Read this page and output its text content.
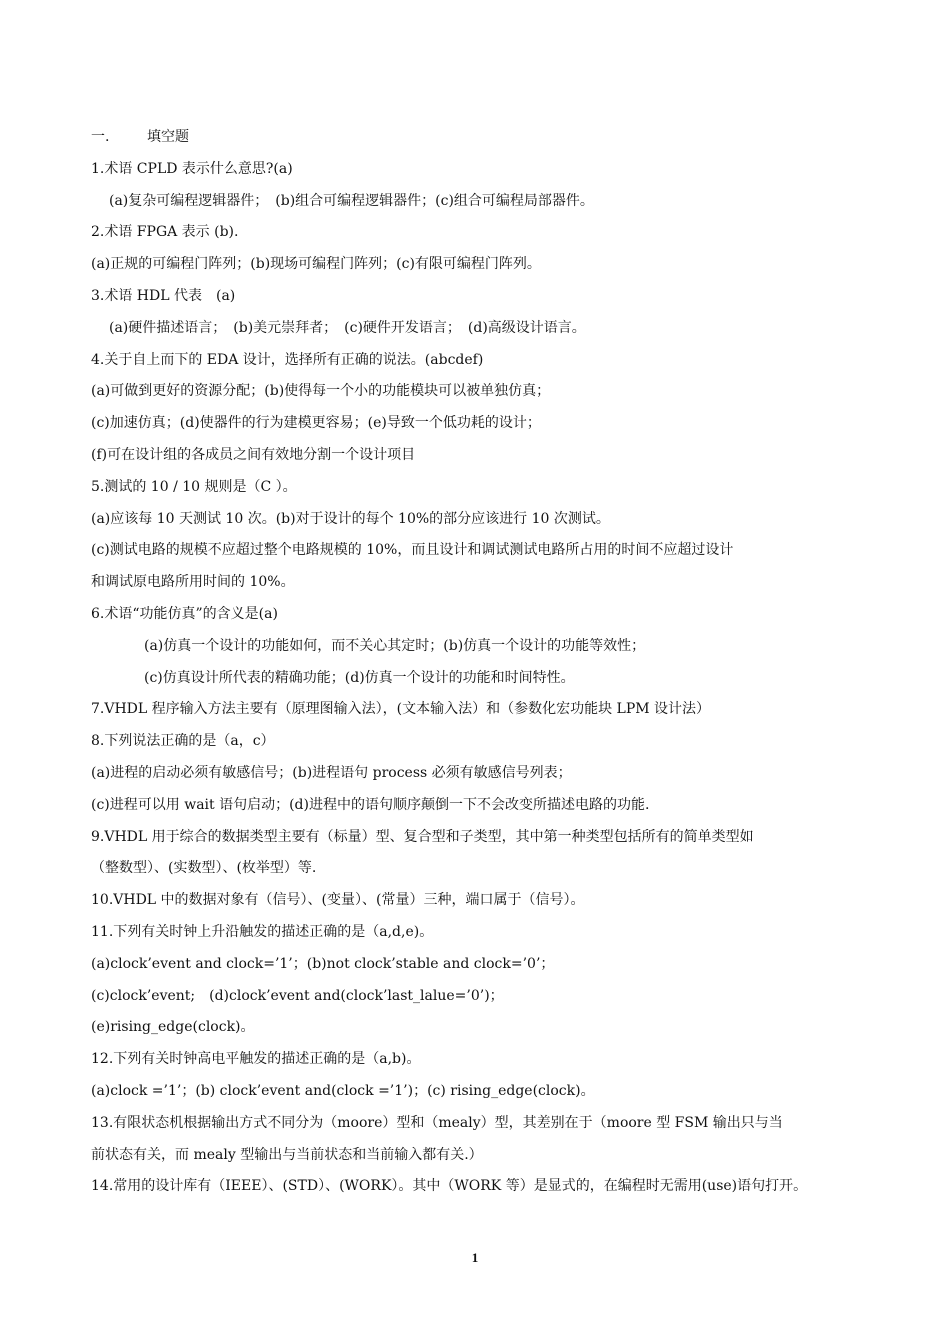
一.	填空题
1.术语 CPLD 表示什么意思?(a)
(a)复杂可编程逻辑器件；　(b)组合可编程逻辑器件；(c)组合可编程局部器件。
2.术语 FPGA 表示 (b).
(a)正规的可编程门阵列；(b)现场可编程门阵列；(c)有限可编程门阵列。
3.术语 HDL 代表　(a)
(a)硬件描述语言；　(b)美元崇拜者；　(c)硬件开发语言；　(d)高级设计语言。
4.关于自上而下的 EDA 设计，选择所有正确的说法。(abcdef)
(a)可做到更好的资源分配；(b)使得每一个小的功能模块可以被单独仿真；
(c)加速仿真；(d)使器件的行为建模更容易；(e)导致一个低功耗的设计；
(f)可在设计组的各成员之间有效地分割一个设计项目
5.测试的 10 / 10 规则是（C ）。
(a)应该每 10 天测试 10 次。(b)对于设计的每个 10%的部分应该进行 10 次测试。
(c)测试电路的规模不应超过整个电路规模的 10%，而且设计和调试测试电路所占用的时间不应超过设计
和调试原电路所用时间的 10%。
6.术语“功能仿真”的含义是(a)
(a)仿真一个设计的功能如何，而不关心其定时；(b)仿真一个设计的功能等效性；
(c)仿真设计所代表的精确功能；(d)仿真一个设计的功能和时间特性。
7.VHDL 程序输入方法主要有（原理图输入法），(文本输入法）和（参数化宏功能块 LPM 设计法）
8.下列说法正确的是（a，c）
(a)进程的启动必须有敏感信号；(b)进程语句 process 必须有敏感信号列表；
(c)进程可以用 wait 语句启动；(d)进程中的语句顺序颠倒一下不会改变所描述电路的功能.
9.VHDL 用于综合的数据类型主要有（标量）型、复合型和子类型，其中第一种类型包括所有的简单类型如
（整数型）、(实数型）、(枚举型）等.
10.VHDL 中的数据对象有（信号）、(变量）、(常量）三种，端口属于（信号）。
11.下列有关时钟上升沿触发的描述正确的是（a,d,e)。
(a)clock’event and clock=’1’；(b)not clock’stable and clock=’0’；
(c)clock’event;　(d)clock’event and(clock’last_lalue=’0’)；
(e)rising_edge(clock)。
12.下列有关时钟高电平触发的描述正确的是（a,b)。
(a)clock =’1’；(b) clock’event and(clock =’1’)；(c) rising_edge(clock)。
13.有限状态机根据输出方式不同分为（moore）型和（mealy）型，其差别在于（moore 型 FSM 输出只与当
前状态有关，而 mealy 型输出与当前状态和当前输入都有关.）
14.常用的设计库有（IEEE）、(STD）、(WORK）。其中（WORK 等）是显式的，在编程时无需用(use)语句打开。
1
